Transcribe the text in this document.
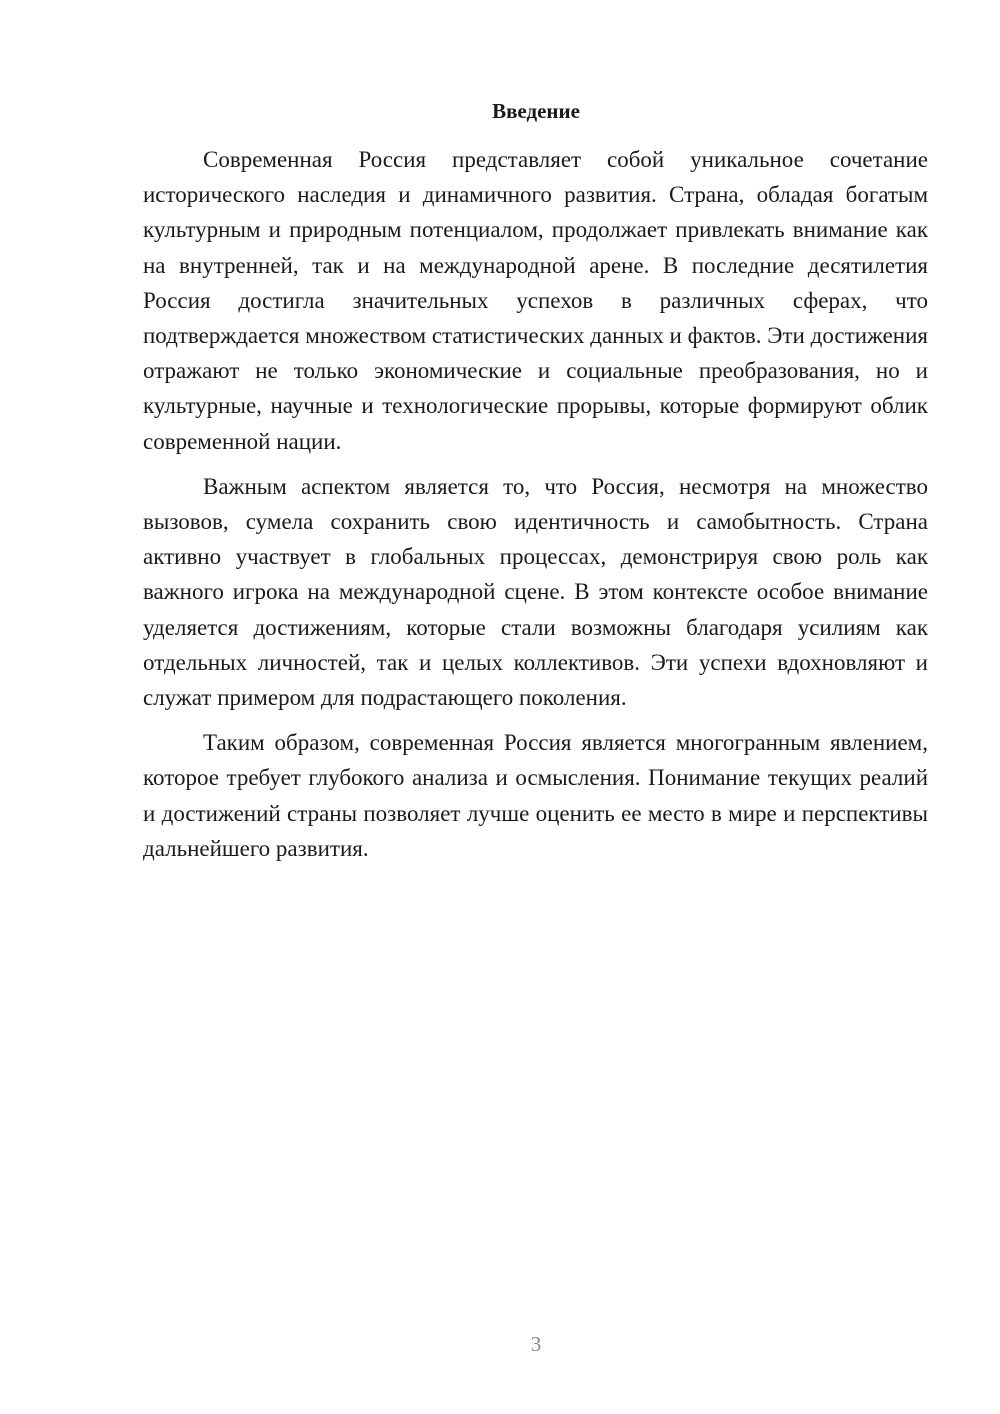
Введение

Современная Россия представляет собой уникальное сочетание исторического наследия и динамичного развития. Страна, обладая богатым культурным и природным потенциалом, продолжает привлекать внимание как на внутренней, так и на международной арене. В последние десятилетия Россия достигла значительных успехов в различных сферах, что подтверждается множеством статистических данных и фактов. Эти достижения отражают не только экономические и социальные преобразования, но и культурные, научные и технологические прорывы, которые формируют облик современной нации.

Важным аспектом является то, что Россия, несмотря на множество вызовов, сумела сохранить свою идентичность и самобытность. Страна активно участвует в глобальных процессах, демонстрируя свою роль как важного игрока на международной сцене. В этом контексте особое внимание уделяется достижениям, которые стали возможны благодаря усилиям как отдельных личностей, так и целых коллективов. Эти успехи вдохновляют и служат примером для подрастающего поколения.

Таким образом, современная Россия является многогранным явлением, которое требует глубокого анализа и осмысления. Понимание текущих реалий и достижений страны позволяет лучше оценить ее место в мире и перспективы дальнейшего развития.

3
